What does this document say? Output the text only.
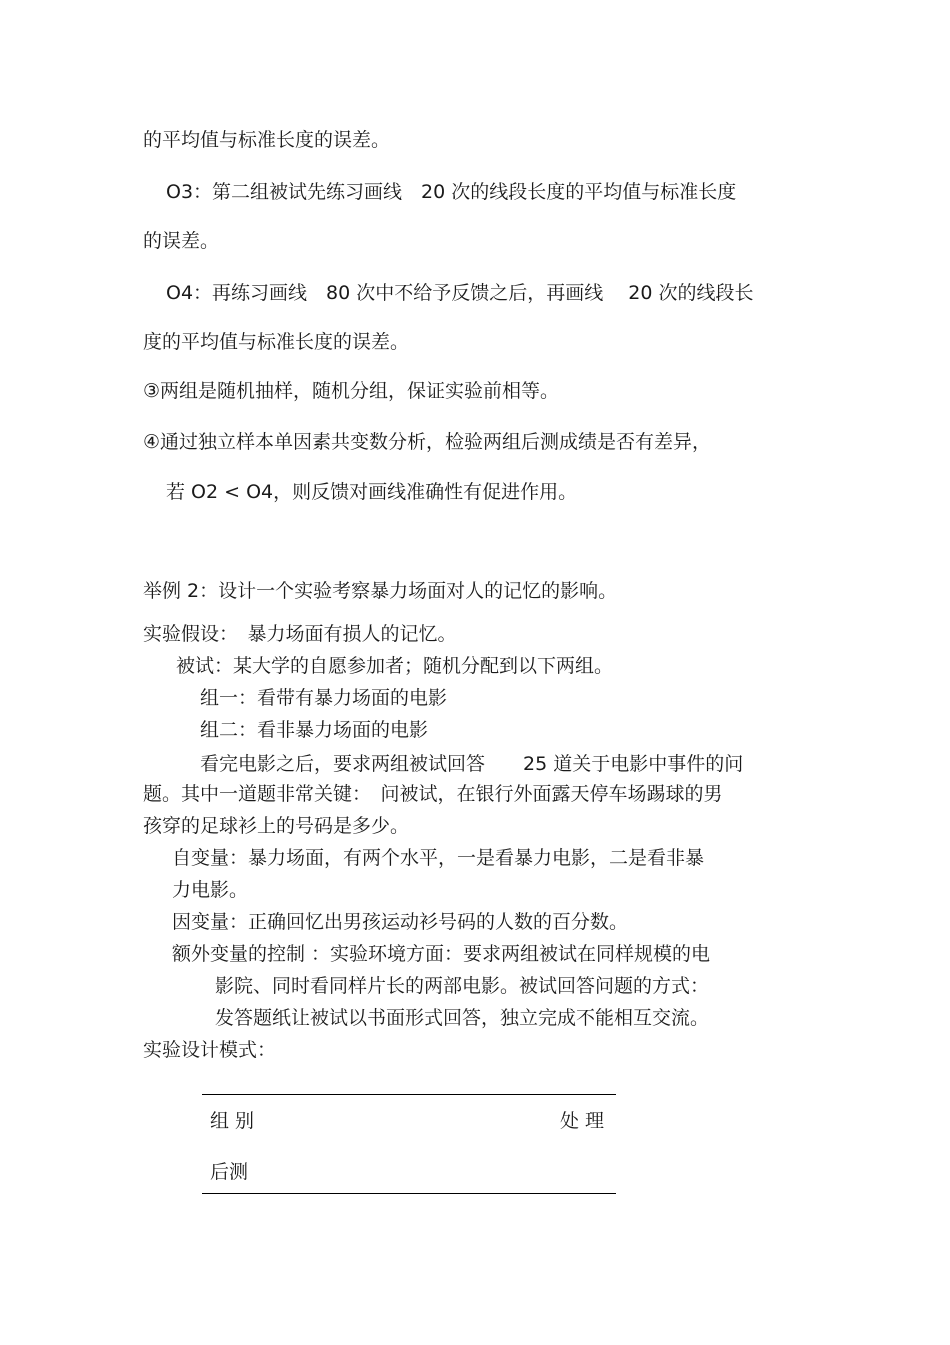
的平均值与标准长度的误差。

O3：第二组被试先练习画线　20 次的线段长度的平均值与标准长度

的误差。

O4：再练习画线　80 次中不给予反馈之后，再画线　 20 次的线段长

度的平均值与标准长度的误差。

③两组是随机抽样，随机分组，保证实验前相等。

④通过独立样本单因素共变数分析，检验两组后测成绩是否有差异，

若 O2 < O4，则反馈对画线准确性有促进作用。

举例 2：设计一个实验考察暴力场面对人的记忆的影响。

实验假设：　暴力场面有损人的记忆。

被试：某大学的自愿参加者；随机分配到以下两组。

组一：看带有暴力场面的电影

组二：看非暴力场面的电影

看完电影之后，要求两组被试回答　　25 道关于电影中事件的问

题。其中一道题非常关键：　问被试，在银行外面露天停车场踢球的男

孩穿的足球衫上的号码是多少。

自变量：暴力场面，有两个水平，一是看暴力电影，二是看非暴

力电影。

因变量：正确回忆出男孩运动衫号码的人数的百分数。

额外变量的控制 ：实验环境方面：要求两组被试在同样规模的电

影院、同时看同样片长的两部电影。被试回答问题的方式：

发答题纸让被试以书面形式回答，独立完成不能相互交流。

实验设计模式：

组 别	处 理
后测
